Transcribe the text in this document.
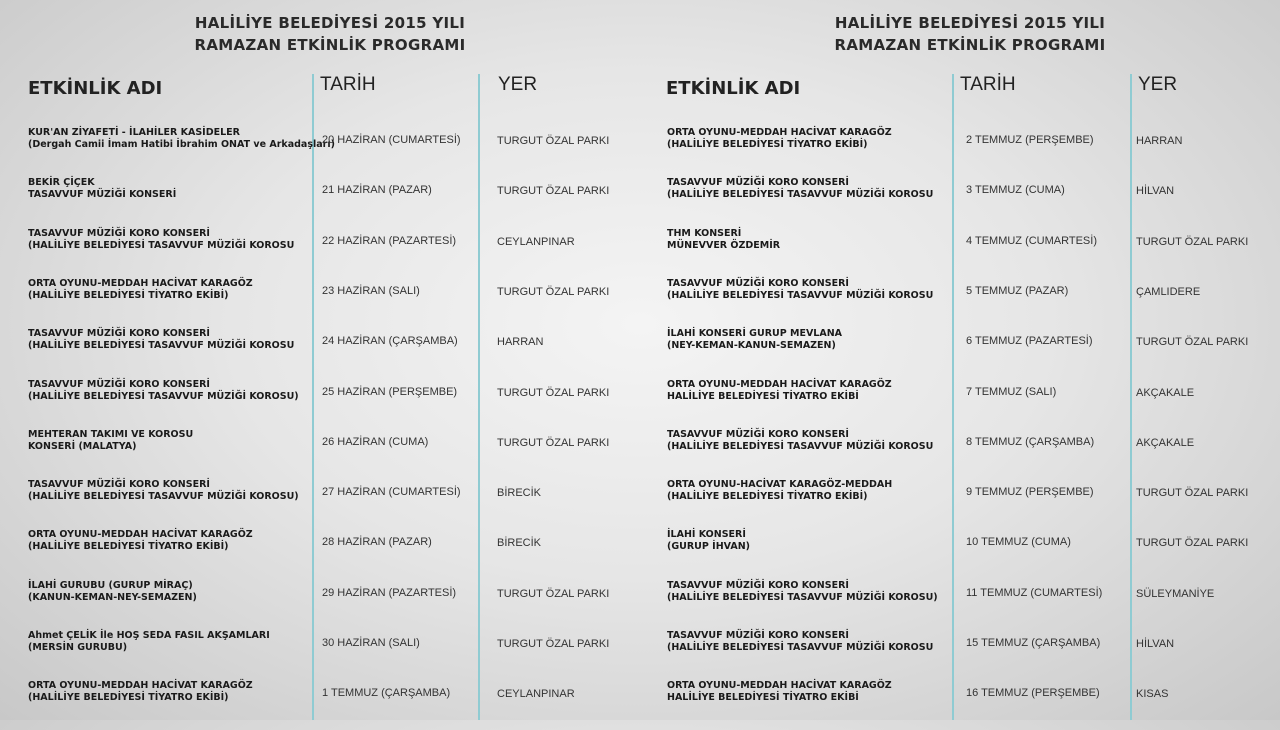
HALİLİYE BELEDİYESİ 2015 YILI
RAMAZAN ETKİNLİK PROGRAMI
ETKİNLİK ADI	TARİH	YER
KUR'AN ZİYAFETİ - İLAHİLER KASİDELER
(Dergah Camii İmam Hatibi İbrahim ONAT ve Arkadaşları)
20 HAZİRAN (CUMARTESİ)	TURGUT ÖZAL PARKI
BEKİR ÇİÇEK
TASAVVUF MÜZİĞİ KONSERİ	21 HAZİRAN (PAZAR)	TURGUT ÖZAL PARKI
TASAVVUF MÜZİĞİ KORO KONSERİ
(HALİLİYE BELEDİYESİ TASAVVUF MÜZİĞİ KOROSU	22 HAZİRAN (PAZARTESİ)	CEYLANPINAR
ORTA OYUNU-MEDDAH HACİVAT KARAGÖZ
(HALİLİYE BELEDİYESİ TİYATRO EKİBİ)	23 HAZİRAN (SALI)	TURGUT ÖZAL PARKI
TASAVVUF MÜZİĞİ KORO KONSERİ
(HALİLİYE BELEDİYESİ TASAVVUF MÜZİĞİ KOROSU	24 HAZİRAN (ÇARŞAMBA)	HARRAN
TASAVVUF MÜZİĞİ KORO KONSERİ
(HALİLİYE BELEDİYESİ TASAVVUF MÜZİĞİ KOROSU) 25 HAZİRAN (PERŞEMBE)	TURGUT ÖZAL PARKI
MEHTERAN TAKIMI VE KOROSU
KONSERİ (MALATYA)	26 HAZİRAN (CUMA)	TURGUT ÖZAL PARKI
TASAVVUF MÜZİĞİ KORO KONSERİ
(HALİLİYE BELEDİYESİ TASAVVUF MÜZİĞİ KOROSU) 27 HAZİRAN (CUMARTESİ)	BİRECİK
ORTA OYUNU-MEDDAH HACİVAT KARAGÖZ
(HALİLİYE BELEDİYESİ TİYATRO EKİBİ)	28 HAZİRAN (PAZAR)	BİRECİK
İLAHİ GURUBU (GURUP MİRAÇ)
(KANUN-KEMAN-NEY-SEMAZEN)	29 HAZİRAN (PAZARTESİ)	TURGUT ÖZAL PARKI
Ahmet ÇELİK İle HOŞ SEDA FASIL AKŞAMLARI
(MERSİN GURUBU)	30 HAZİRAN (SALI)	TURGUT ÖZAL PARKI
ORTA OYUNU-MEDDAH HACİVAT KARAGÖZ
(HALİLİYE BELEDİYESİ TİYATRO EKİBİ)	1 TEMMUZ (ÇARŞAMBA)	CEYLANPINAR
HALİLİYE BELEDİYESİ 2015 YILI
RAMAZAN ETKİNLİK PROGRAMI
ETKİNLİK ADI	TARİH	YER
ORTA OYUNU-MEDDAH HACİVAT KARAGÖZ
(HALİLİYE BELEDİYESİ TİYATRO EKİBİ)	2 TEMMUZ (PERŞEMBE)	HARRAN
TASAVVUF MÜZİĞİ KORO KONSERİ
(HALİLİYE BELEDİYESİ TASAVVUF MÜZİĞİ KOROSU	3 TEMMUZ (CUMA)	HİLVAN
THM KONSERİ
MÜNEVVER ÖZDEMİR	4 TEMMUZ (CUMARTESİ)	TURGUT ÖZAL PARKI
TASAVVUF MÜZİĞİ KORO KONSERİ
(HALİLİYE BELEDİYESİ TASAVVUF MÜZİĞİ KOROSU	5 TEMMUZ (PAZAR)	ÇAMLIDERE
İLAHİ KONSERİ GURUP MEVLANA
(NEY-KEMAN-KANUN-SEMAZEN)	6 TEMMUZ (PAZARTESİ)	TURGUT ÖZAL PARKI
ORTA OYUNU-MEDDAH HACİVAT KARAGÖZ
HALİLİYE BELEDİYESİ TİYATRO EKİBİ	7 TEMMUZ (SALI)	AKÇAKALE
TASAVVUF MÜZİĞİ KORO KONSERİ
(HALİLİYE BELEDİYESİ TASAVVUF MÜZİĞİ KOROSU	8 TEMMUZ (ÇARŞAMBA)	AKÇAKALE
ORTA OYUNU-HACİVAT KARAGÖZ-MEDDAH
(HALİLİYE BELEDİYESİ TİYATRO EKİBİ)	9 TEMMUZ (PERŞEMBE)	TURGUT ÖZAL PARKI
İLAHİ KONSERİ
(GURUP İHVAN)	10 TEMMUZ (CUMA)	TURGUT ÖZAL PARKI
TASAVVUF MÜZİĞİ KORO KONSERİ
(HALİLİYE BELEDİYESİ TASAVVUF MÜZİĞİ KOROSU)	11 TEMMUZ (CUMARTESİ)	SÜLEYMANİYE
TASAVVUF MÜZİĞİ KORO KONSERİ
(HALİLİYE BELEDİYESİ TASAVVUF MÜZİĞİ KOROSU	15 TEMMUZ (ÇARŞAMBA)	HİLVAN
ORTA OYUNU-MEDDAH HACİVAT KARAGÖZ
HALİLİYE BELEDİYESİ TİYATRO EKİBİ	16 TEMMUZ (PERŞEMBE)	KISAS
